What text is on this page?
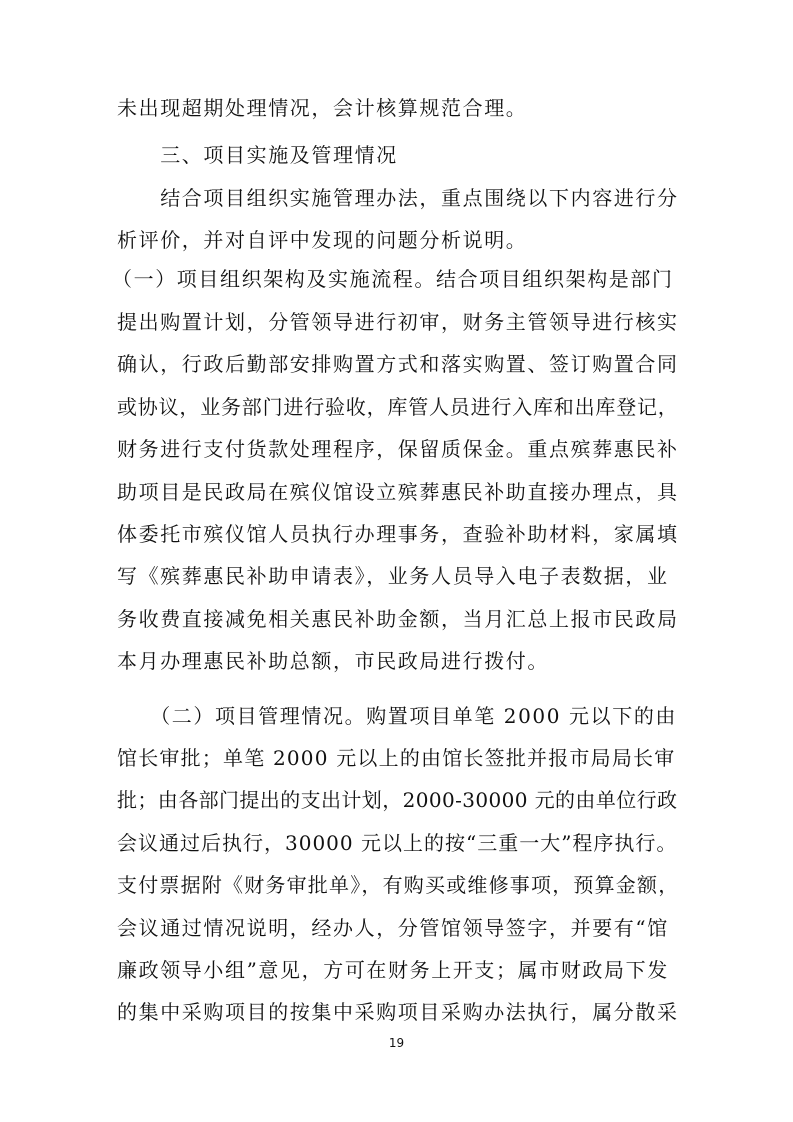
未出现超期处理情况，会计核算规范合理。
　　三、项目实施及管理情况
　　结合项目组织实施管理办法，重点围绕以下内容进行分
析评价，并对自评中发现的问题分析说明。
（一）项目组织架构及实施流程。结合项目组织架构是部门
提出购置计划，分管领导进行初审，财务主管领导进行核实
确认，行政后勤部安排购置方式和落实购置、签订购置合同
或协议，业务部门进行验收，库管人员进行入库和出库登记，
财务进行支付货款处理程序，保留质保金。重点殡葬惠民补
助项目是民政局在殡仪馆设立殡葬惠民补助直接办理点，具
体委托市殡仪馆人员执行办理事务，查验补助材料，家属填
写《殡葬惠民补助申请表》，业务人员导入电子表数据，业
务收费直接减免相关惠民补助金额，当月汇总上报市民政局
本月办理惠民补助总额，市民政局进行拨付。
　　（二）项目管理情况。购置项目单笔 2000 元以下的由
馆长审批；单笔 2000 元以上的由馆长签批并报市局局长审
批；由各部门提出的支出计划，2000-30000 元的由单位行政
会议通过后执行，30000 元以上的按“三重一大”程序执行。
支付票据附《财务审批单》，有购买或维修事项，预算金额，
会议通过情况说明，经办人，分管馆领导签字，并要有“馆
廉政领导小组”意见，方可在财务上开支；属市财政局下发
的集中采购项目的按集中采购项目采购办法执行，属分散采
19
